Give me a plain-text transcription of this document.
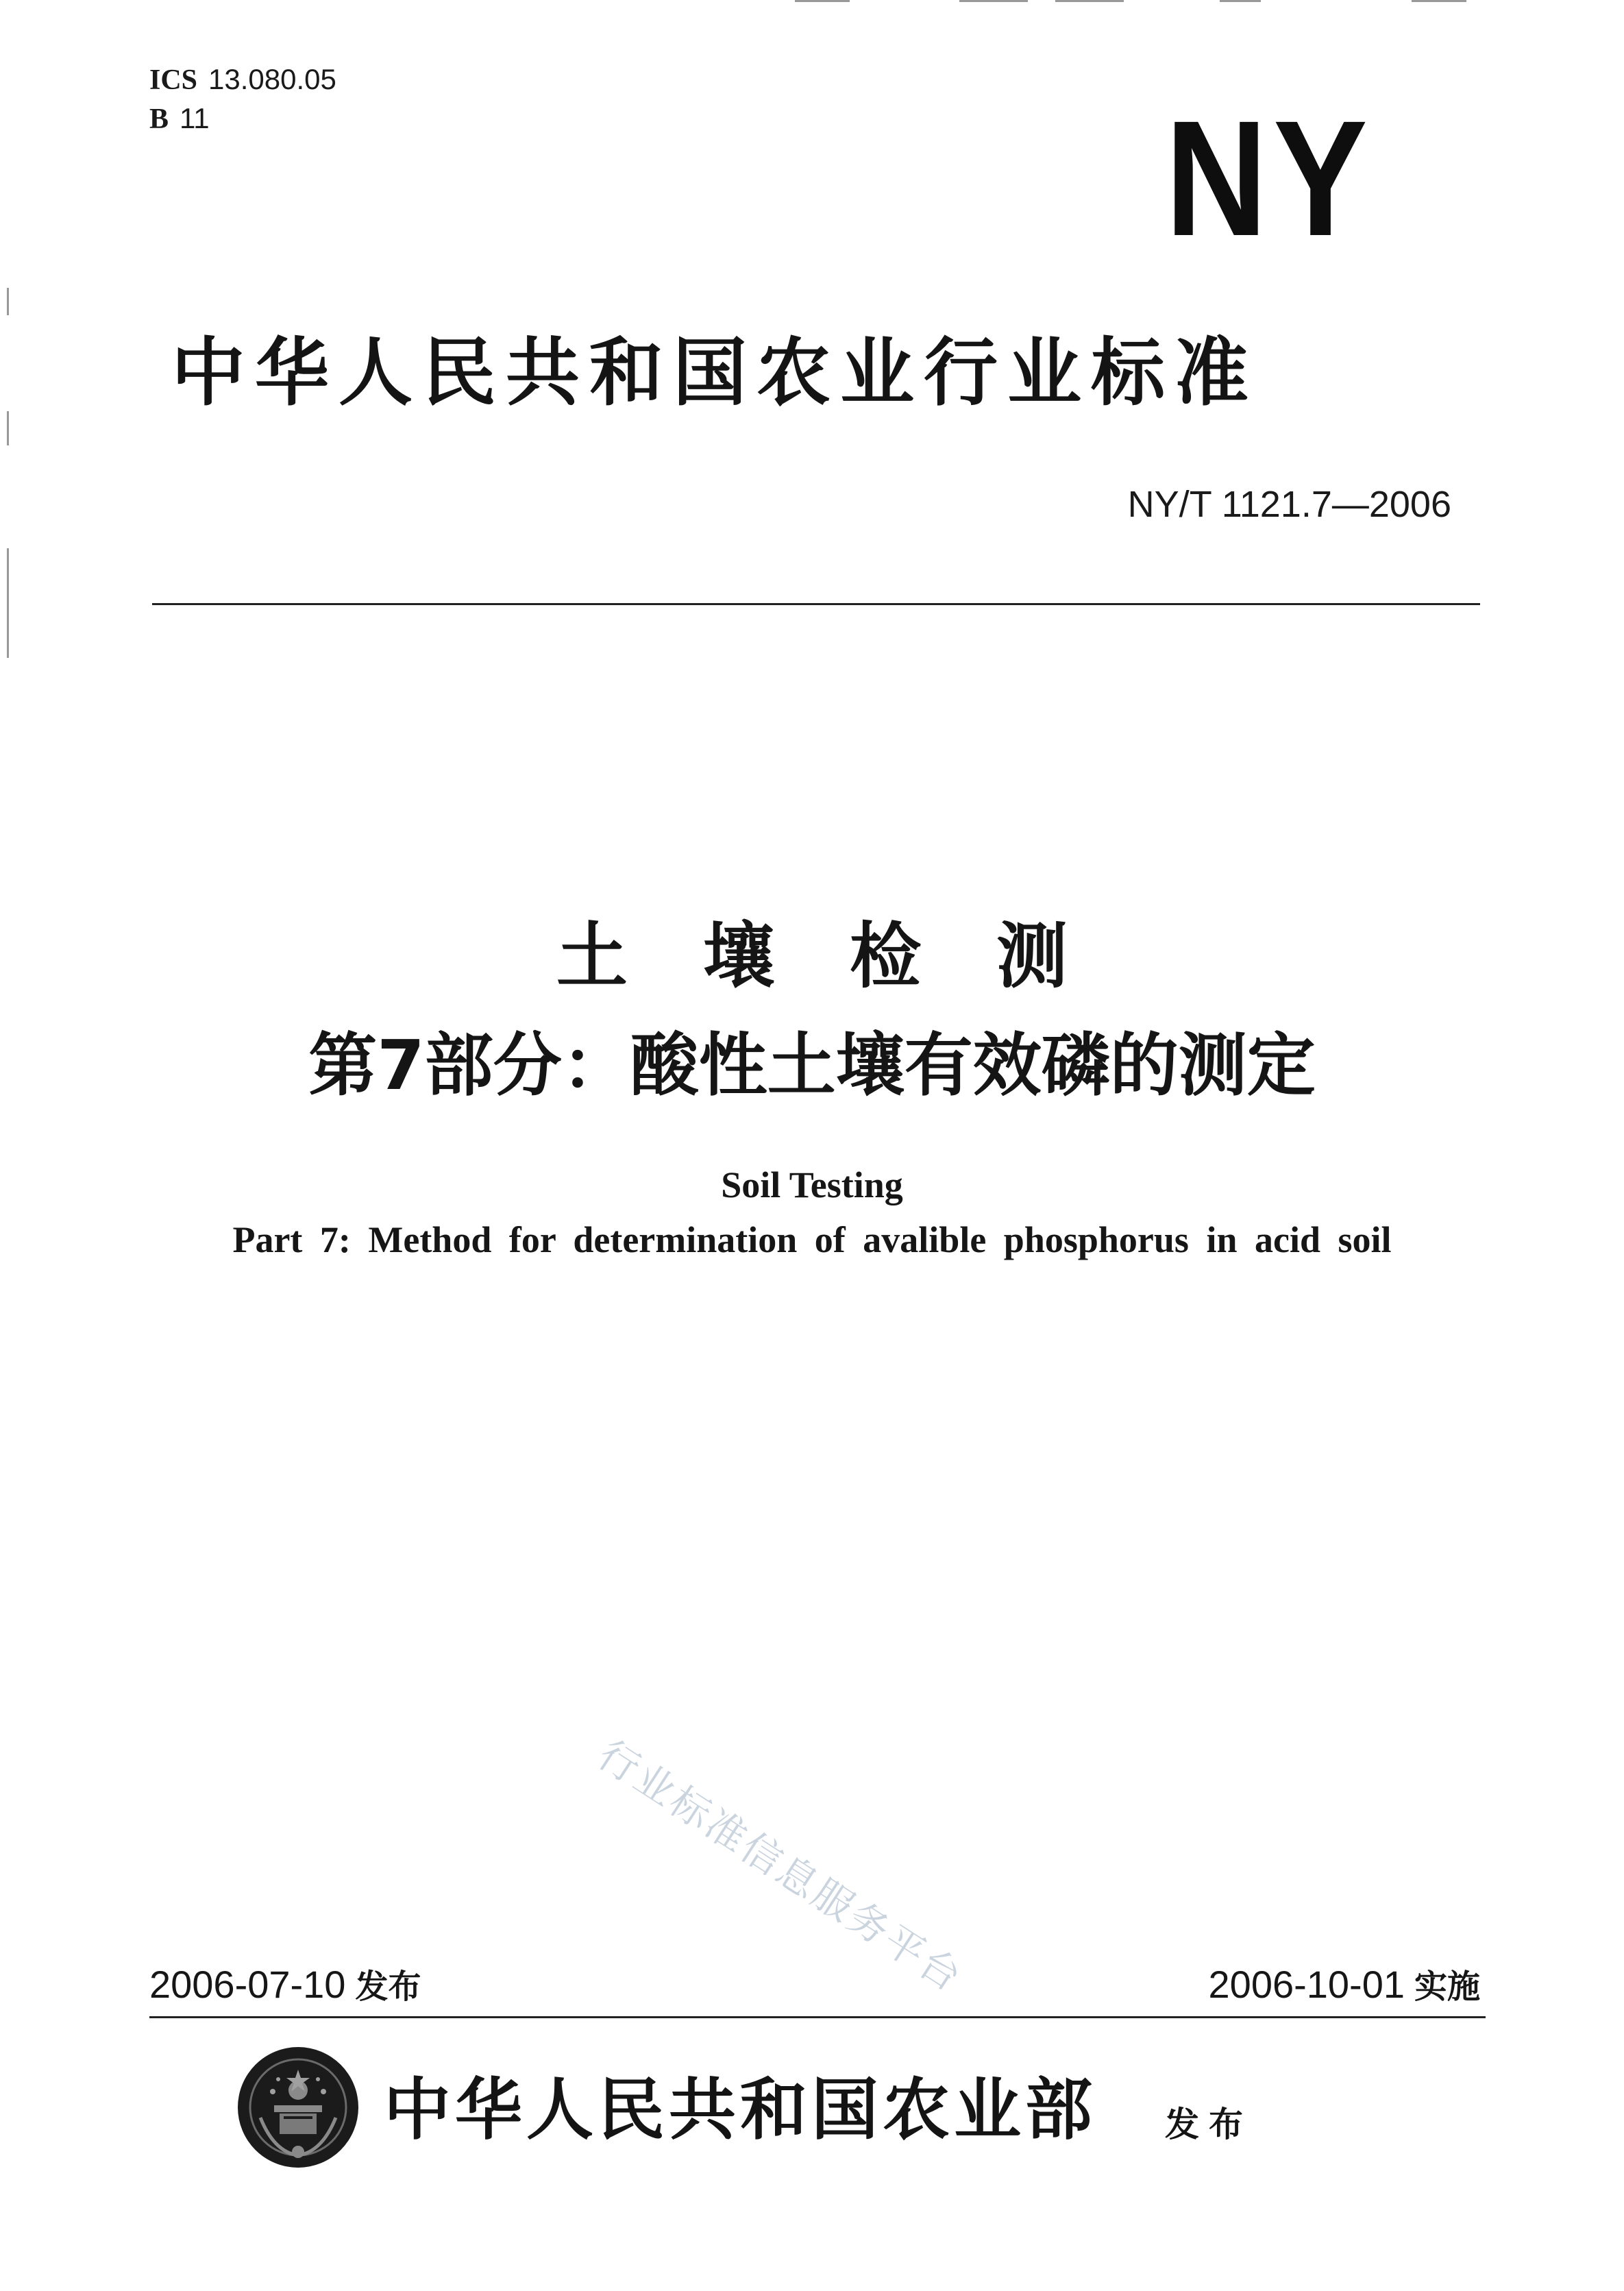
ICS 13.080.05
B 11	NY
中华人民共和国农业行业标准
NY/T 1121.7—2006
土壤检测
第7部分：酸性土壤有效磷的测定
Soil Testing
Part 7: Method for determination of avalible phosphorus in acid soil
行业标准信息服务平台
2006-07-10 发布	2006-10-01 实施
中华人民共和国农业部 发布
